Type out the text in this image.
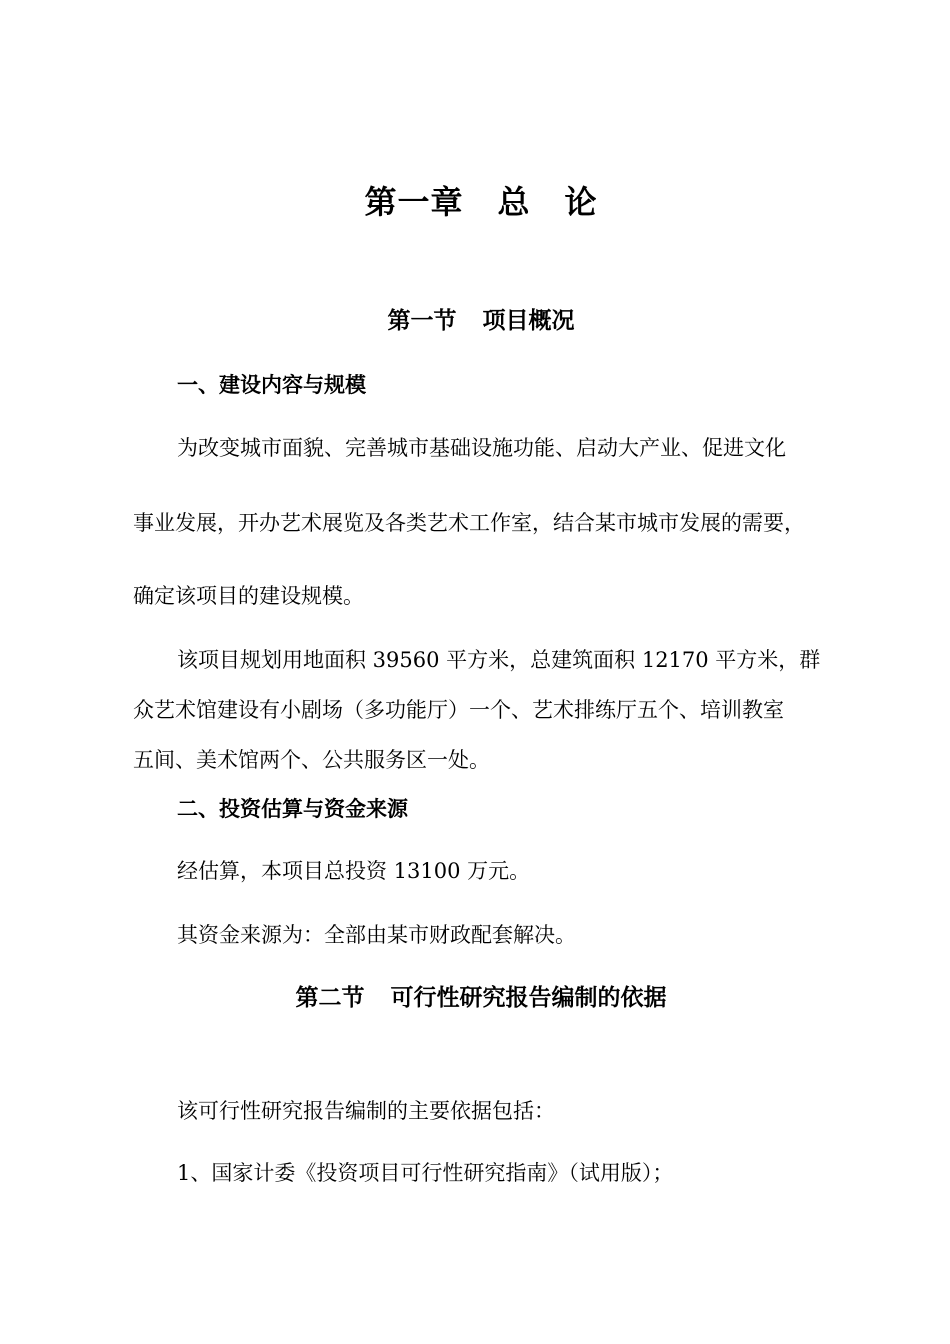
第一章 总 论
第一节 项目概况
一、建设内容与规模
为改变城市面貌、完善城市基础设施功能、启动大产业、促进文化
事业发展，开办艺术展览及各类艺术工作室，结合某市城市发展的需要，
确定该项目的建设规模。
该项目规划用地面积 39560 平方米，总建筑面积 12170 平方米，群
众艺术馆建设有小剧场（多功能厅）一个、艺术排练厅五个、培训教室
五间、美术馆两个、公共服务区一处。
二、投资估算与资金来源
经估算，本项目总投资 13100 万元。
其资金来源为：全部由某市财政配套解决。
第二节 可行性研究报告编制的依据
该可行性研究报告编制的主要依据包括：
1、国家计委《投资项目可行性研究指南》（试用版）；
